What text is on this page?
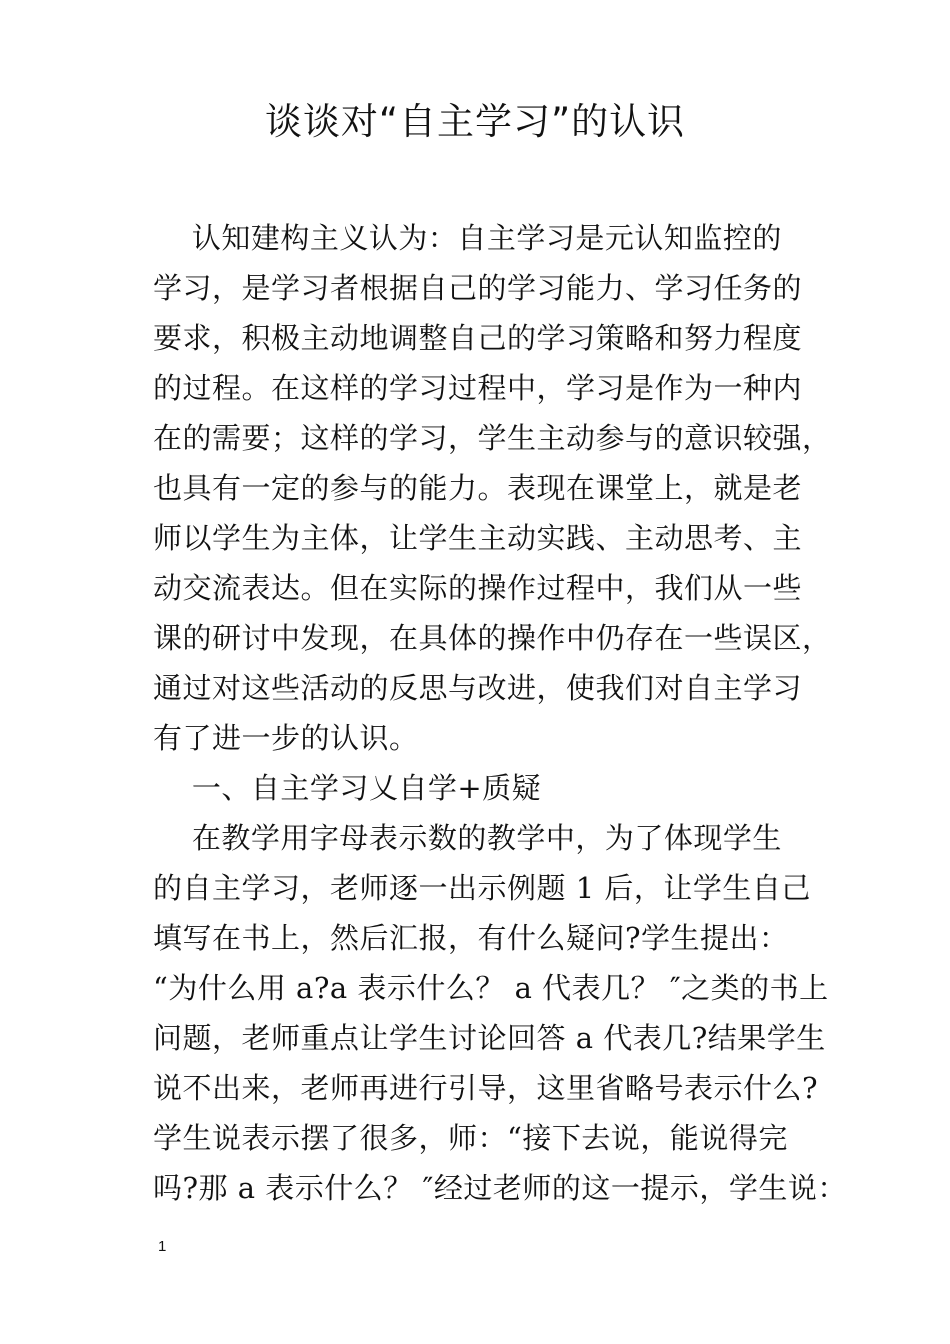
谈谈对“自主学习”的认识
认知建构主义认为：自主学习是元认知监控的
学习，是学习者根据自己的学习能力、学习任务的
要求，积极主动地调整自己的学习策略和努力程度
的过程。在这样的学习过程中，学习是作为一种内
在的需要；这样的学习，学生主动参与的意识较强，
也具有一定的参与的能力。表现在课堂上，就是老
师以学生为主体，让学生主动实践、主动思考、主
动交流表达。但在实际的操作过程中，我们从一些
课的研讨中发现，在具体的操作中仍存在一些误区，
通过对这些活动的反思与改进，使我们对自主学习
有了进一步的认识。
一、自主学习乂自学+质疑
在教学用字母表示数的教学中，为了体现学生
的自主学习，老师逐一出示例题 1 后，让学生自己
填写在书上，然后汇报，有什么疑问?学生提出：
“为什么用 a?a 表示什么？ a 代表几？ ″之类的书上
问题，老师重点让学生讨论回答 a 代表几?结果学生
说不出来，老师再进行引导，这里省略号表示什么?
学生说表示摆了很多，师：“接下去说，能说得完
吗?那 a 表示什么？ ″经过老师的这一提示，学生说：
1
